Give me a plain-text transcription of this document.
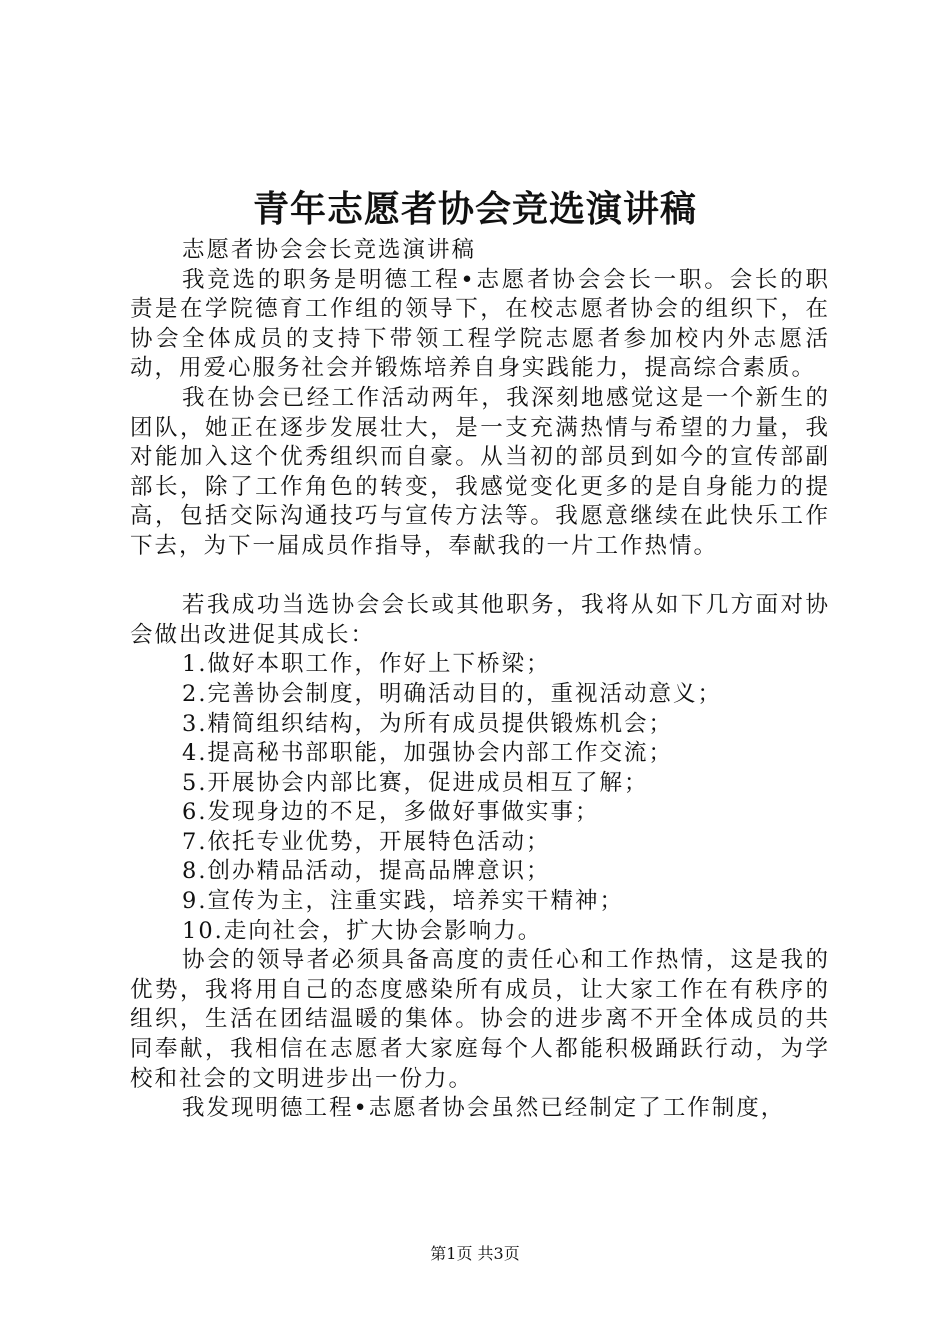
青年志愿者协会竞选演讲稿

志愿者协会会长竞选演讲稿

我竞选的职务是明德工程•志愿者协会会长一职。会长的职责是在学院德育工作组的领导下，在校志愿者协会的组织下，在协会全体成员的支持下带领工程学院志愿者参加校内外志愿活动，用爱心服务社会并锻炼培养自身实践能力，提高综合素质。

我在协会已经工作活动两年，我深刻地感觉这是一个新生的团队，她正在逐步发展壮大，是一支充满热情与希望的力量，我对能加入这个优秀组织而自豪。从当初的部员到如今的宣传部副部长，除了工作角色的转变，我感觉变化更多的是自身能力的提高，包括交际沟通技巧与宣传方法等。我愿意继续在此快乐工作下去，为下一届成员作指导，奉献我的一片工作热情。

若我成功当选协会会长或其他职务，我将从如下几方面对协会做出改进促其成长：

1.做好本职工作，作好上下桥梁；

2.完善协会制度，明确活动目的，重视活动意义；

3.精简组织结构，为所有成员提供锻炼机会；

4.提高秘书部职能，加强协会内部工作交流；

5.开展协会内部比赛，促进成员相互了解；

6.发现身边的不足，多做好事做实事；

7.依托专业优势，开展特色活动；

8.创办精品活动，提高品牌意识；

9.宣传为主，注重实践，培养实干精神；

10.走向社会，扩大协会影响力。

协会的领导者必须具备高度的责任心和工作热情，这是我的优势，我将用自己的态度感染所有成员，让大家工作在有秩序的组织，生活在团结温暖的集体。协会的进步离不开全体成员的共同奉献，我相信在志愿者大家庭每个人都能积极踊跃行动，为学校和社会的文明进步出一份力。

我发现明德工程•志愿者协会虽然已经制定了工作制度，

第1页 共3页
